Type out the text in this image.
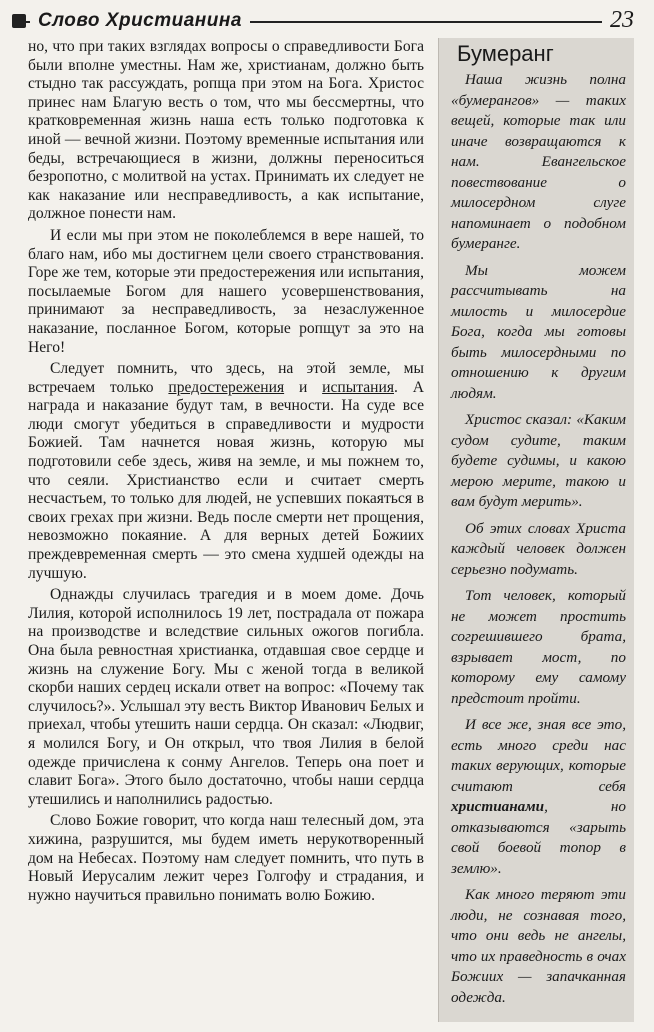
Слово Христианина	23

но, что при таких взглядах вопросы о справедливости Бога были вполне уместны. Нам же, христианам, должно быть стыдно так рассуждать, ропща при этом на Бога. Христос принес нам Благую весть о том, что мы бессмертны, что кратковременная жизнь наша есть только подготовка к иной — вечной жизни. Поэтому временные испытания или беды, встречающиеся в жизни, должны переноситься безропотно, с молитвой на устах. Принимать их следует не как наказание или несправедливость, а как испытание, должное понести нам.

И если мы при этом не поколеблемся в вере нашей, то благо нам, ибо мы достигнем цели своего странствования. Горе же тем, которые эти предостережения или испытания, посылаемые Богом для нашего усовершенствования, принимают за несправедливость, за незаслуженное наказание, посланное Богом, которые ропщут за это на Него!

Следует помнить, что здесь, на этой земле, мы встречаем только предостережения и испытания. А награда и наказание будут там, в вечности. На суде все люди смогут убедиться в справедливости и мудрости Божией. Там начнется новая жизнь, которую мы подготовили себе здесь, живя на земле, и мы пожнем то, что сеяли. Христианство если и считает смерть несчастьем, то только для людей, не успевших покаяться в своих грехах при жизни. Ведь после смерти нет прощения, невозможно покаяние. А для верных детей Божиих преждевременная смерть — это смена худшей одежды на лучшую.

Однажды случилась трагедия и в моем доме. Дочь Лилия, которой исполнилось 19 лет, пострадала от пожара на производстве и вследствие сильных ожогов погибла. Она была ревностная христианка, отдавшая свое сердце и жизнь на служение Богу. Мы с женой тогда в великой скорби наших сердец искали ответ на вопрос: «Почему так случилось?». Услышал эту весть Виктор Иванович Белых и приехал, чтобы утешить наши сердца. Он сказал: «Людвиг, я молился Богу, и Он открыл, что твоя Лилия в белой одежде причислена к сонму Ангелов. Теперь она поет и славит Бога». Этого было достаточно, чтобы наши сердца утешились и наполнились радостью.

Слово Божие говорит, что когда наш телесный дом, эта хижина, разрушится, мы будем иметь нерукотворенный дом на Небесах. Поэтому нам следует помнить, что путь в Новый Иерусалим лежит через Голгофу и страдания, и нужно научиться правильно понимать волю Божию.

Бумеранг

Наша жизнь полна «бумерангов» — таких вещей, которые так или иначе возвращаются к нам. Евангельское повествование о милосердном слуге напоминает о подобном бумеранге.

Мы можем рассчитывать на милость и милосердие Бога, когда мы готовы быть милосердными по отношению к другим людям.

Христос сказал: «Каким судом судите, таким будете судимы, и какою мерою мерите, такою и вам будут мерить».

Об этих словах Христа каждый человек должен серьезно подумать.

Тот человек, который не может простить согрешившего брата, взрывает мост, по которому ему самому предстоит пройти.

И все же, зная все это, есть много среди нас таких верующих, которые считают себя христианами, но отказываются «зарыть свой боевой топор в землю».

Как много теряют эти люди, не сознавая того, что они ведь не ангелы, что их праведность в очах Божиих — запачканная одежда.
